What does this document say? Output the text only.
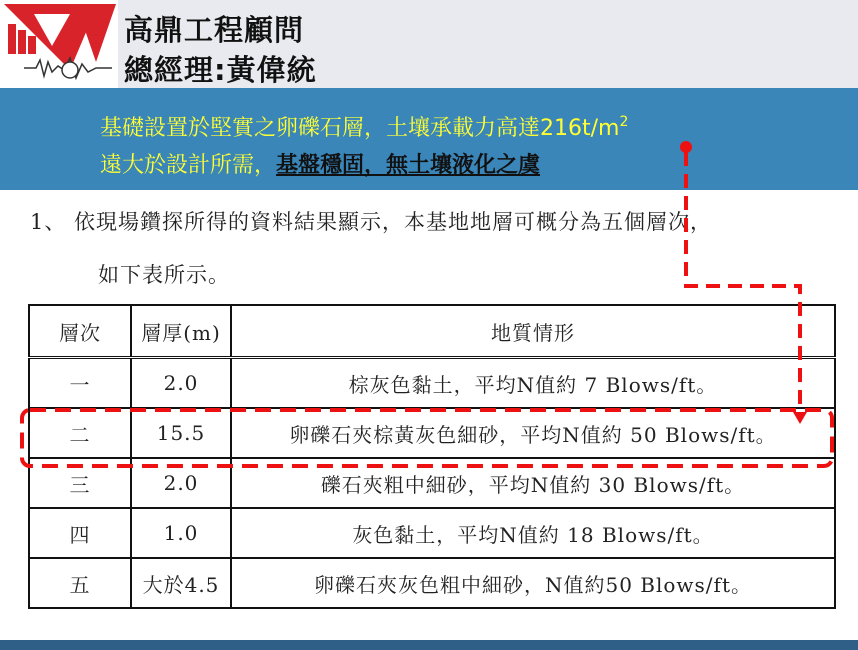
高鼎工程顧問
總經理:黃偉統
基礎設置於堅實之卵礫石層，土壤承載力高達$216t/m^2$
遠大於設計所需，基盤穩固，無土壤液化之虞
1、 依現場鑽探所得的資料結果顯示，本基地地層可概分為五個層次，
如下表所示。
層次	層厚(m)	地質情形
一	2.0	棕灰色黏土，平均N值約 7 Blows/ft。
二	15.5	卵礫石夾棕黃灰色細砂，平均N值約 50 Blows/ft。
三	2.0	礫石夾粗中細砂，平均N值約 30 Blows/ft。
四	1.0	灰色黏土，平均N值約 18 Blows/ft。
五	大於4.5	卵礫石夾灰色粗中細砂，N值約50 Blows/ft。
